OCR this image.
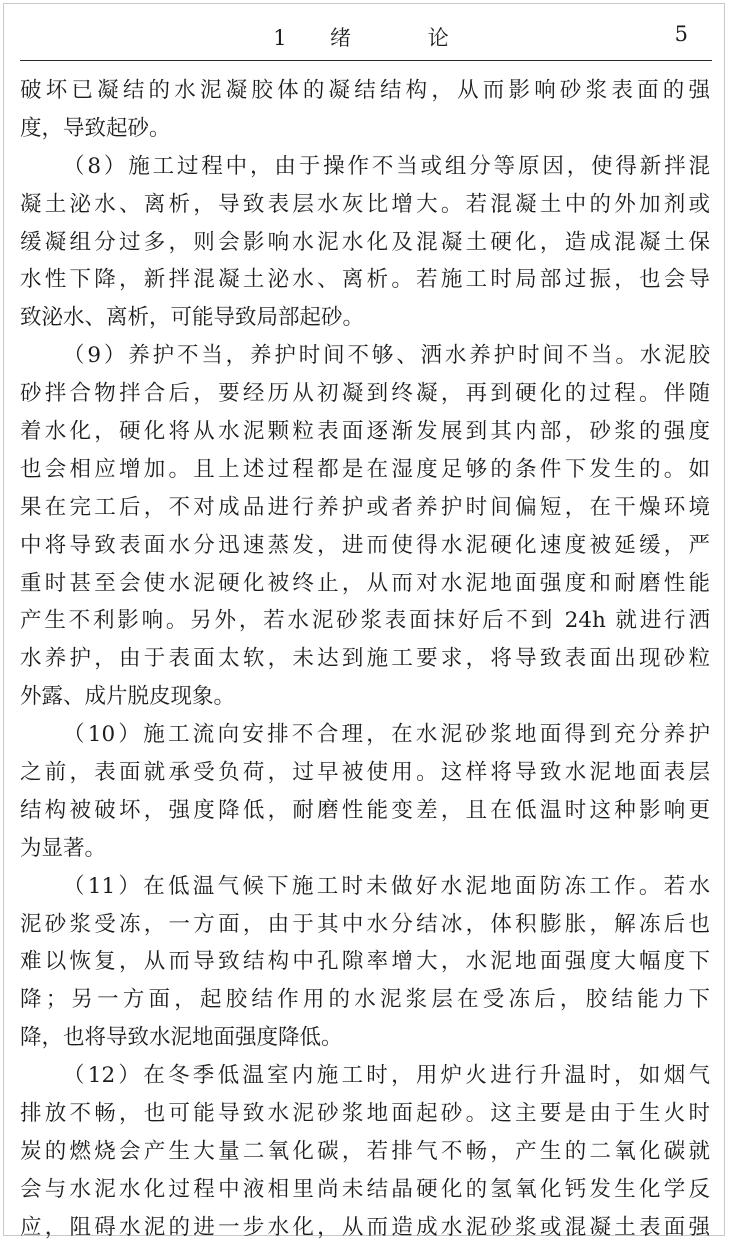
1  绪    论	5
破坏已凝结的水泥凝胶体的凝结结构，从而影响砂浆表面的强
度，导致起砂。
（8）施工过程中，由于操作不当或组分等原因，使得新拌混
凝土泌水、离析，导致表层水灰比增大。若混凝土中的外加剂或
缓凝组分过多，则会影响水泥水化及混凝土硬化，造成混凝土保
水性下降，新拌混凝土泌水、离析。若施工时局部过振，也会导
致泌水、离析，可能导致局部起砂。
（9）养护不当，养护时间不够、洒水养护时间不当。水泥胶
砂拌合物拌合后，要经历从初凝到终凝，再到硬化的过程。伴随
着水化，硬化将从水泥颗粒表面逐渐发展到其内部，砂浆的强度
也会相应增加。且上述过程都是在湿度足够的条件下发生的。如
果在完工后，不对成品进行养护或者养护时间偏短，在干燥环境
中将导致表面水分迅速蒸发，进而使得水泥硬化速度被延缓，严
重时甚至会使水泥硬化被终止，从而对水泥地面强度和耐磨性能
产生不利影响。另外，若水泥砂浆表面抹好后不到 24h 就进行洒
水养护，由于表面太软，未达到施工要求，将导致表面出现砂粒
外露、成片脱皮现象。
（10）施工流向安排不合理，在水泥砂浆地面得到充分养护
之前，表面就承受负荷，过早被使用。这样将导致水泥地面表层
结构被破坏，强度降低，耐磨性能变差，且在低温时这种影响更
为显著。
（11）在低温气候下施工时未做好水泥地面防冻工作。若水
泥砂浆受冻，一方面，由于其中水分结冰，体积膨胀，解冻后也
难以恢复，从而导致结构中孔隙率增大，水泥地面强度大幅度下
降；另一方面，起胶结作用的水泥浆层在受冻后，胶结能力下
降，也将导致水泥地面强度降低。
（12）在冬季低温室内施工时，用炉火进行升温时，如烟气
排放不畅，也可能导致水泥砂浆地面起砂。这主要是由于生火时
炭的燃烧会产生大量二氧化碳，若排气不畅，产生的二氧化碳就
会与水泥水化过程中液相里尚未结晶硬化的氢氧化钙发生化学反
应，阻碍水泥的进一步水化，从而造成水泥砂浆或混凝土表面强
